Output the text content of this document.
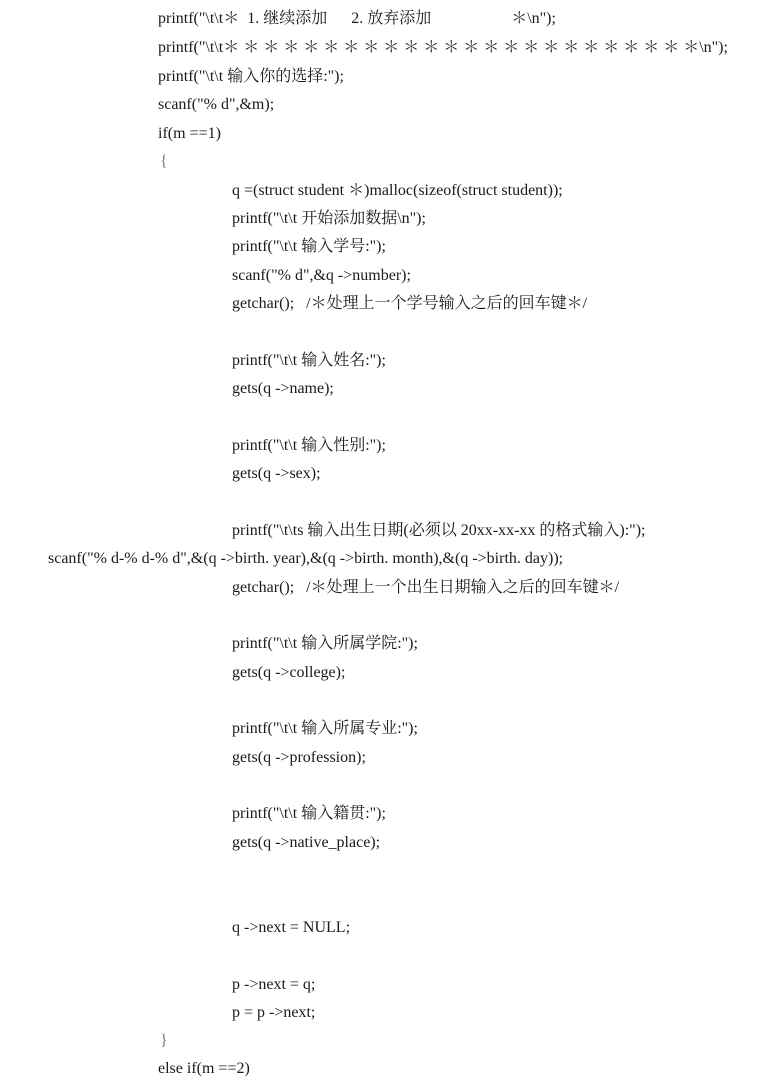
printf("\t\t＊  1. 继续添加      2. 放弃添加                    ＊\n");
printf("\t\t＊ ＊ ＊ ＊ ＊ ＊ ＊ ＊ ＊ ＊ ＊ ＊ ＊ ＊ ＊ ＊ ＊ ＊ ＊ ＊ ＊ ＊ ＊ ＊\n");
printf("\t\t 输入你的选择:");
scanf("% d",&m);
if(m ==1)
{
q =(struct student ＊)malloc(sizeof(struct student));
printf("\t\t 开始添加数据\n");
printf("\t\t 输入学号:");
scanf("% d",&q ->number);
getchar();   /＊处理上一个学号输入之后的回车键＊/
printf("\t\t 输入姓名:");
gets(q ->name);
printf("\t\t 输入性别:");
gets(q ->sex);
printf("\t\ts 输入出生日期(必须以 20xx-xx-xx 的格式输入):");
scanf("% d-% d-% d",&(q ->birth. year),&(q ->birth. month),&(q ->birth. day));
getchar();   /＊处理上一个出生日期输入之后的回车键＊/
printf("\t\t 输入所属学院:");
gets(q ->college);
printf("\t\t 输入所属专业:");
gets(q ->profession);
printf("\t\t 输入籍贯:");
gets(q ->native_place);
q ->next = NULL;
p ->next = q;
p = p ->next;
}
else if(m ==2)
